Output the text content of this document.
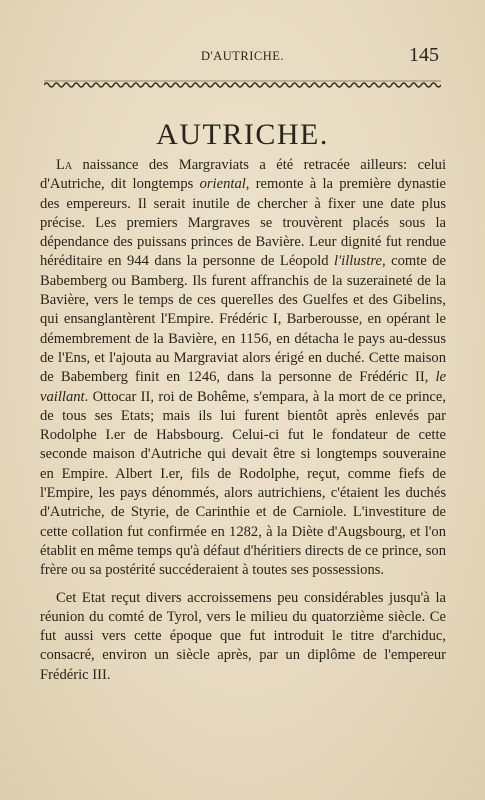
D'AUTRICHE.	145
AUTRICHE.

La naissance des Margraviats a été retracée ailleurs: celui d'Autriche, dit longtemps oriental, remonte à la première dynastie des empereurs. Il serait inutile de chercher à fixer une date plus précise. Les premiers Margraves se trouvèrent placés sous la dépendance des puissans princes de Bavière. Leur dignité fut rendue héréditaire en 944 dans la personne de Léopold l'illustre, comte de Babemberg ou Bamberg. Ils furent affranchis de la suzeraineté de la Bavière, vers le temps de ces querelles des Guelfes et des Gibelins, qui ensanglantèrent l'Empire. Frédéric I, Barberousse, en opérant le démembrement de la Bavière, en 1156, en détacha le pays au-dessus de l'Ens, et l'ajouta au Margraviat alors érigé en duché. Cette maison de Babemberg finit en 1246, dans la personne de Frédéric II, le vaillant. Ottocar II, roi de Bohême, s'empara, à la mort de ce prince, de tous ses Etats; mais ils lui furent bientôt après enlevés par Rodolphe I.er de Habsbourg. Celui-ci fut le fondateur de cette seconde maison d'Autriche qui devait être si longtemps souveraine en Empire. Albert I.er, fils de Rodolphe, reçut, comme fiefs de l'Empire, les pays dénommés, alors autrichiens, c'étaient les duchés d'Autriche, de Styrie, de Carinthie et de Carniole. L'investiture de cette collation fut confirmée en 1282, à la Diète d'Augsbourg, et l'on établit en même temps qu'à défaut d'héritiers directs de ce prince, son frère ou sa postérité succéderaient à toutes ses possessions.

Cet Etat reçut divers accroissemens peu considérables jusqu'à la réunion du comté de Tyrol, vers le milieu du quatorzième siècle. Ce fut aussi vers cette époque que fut introduit le titre d'archiduc, consacré, environ un siècle après, par un diplôme de l'empereur Frédéric III.
